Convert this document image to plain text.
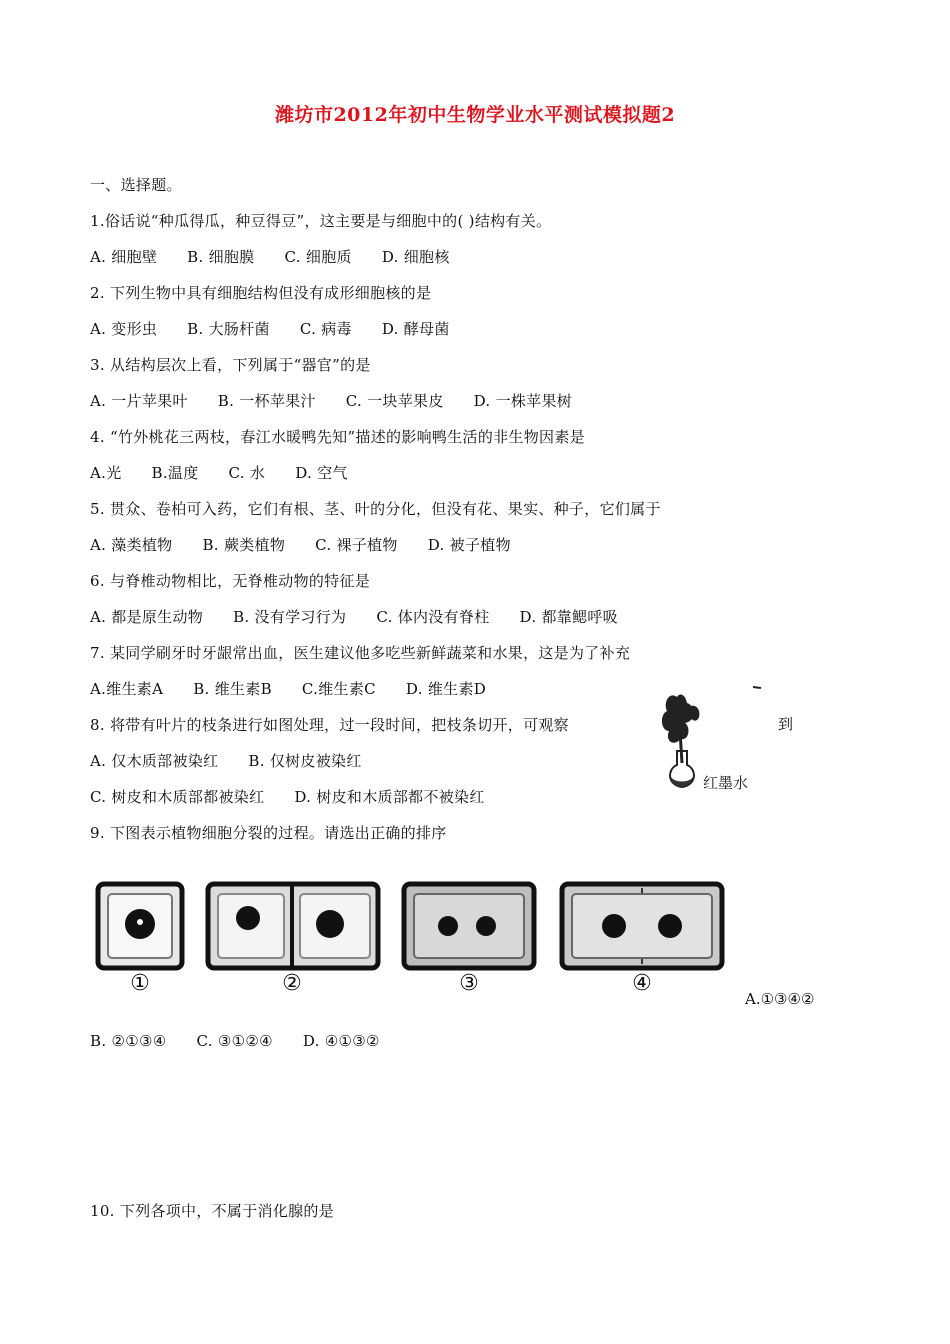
潍坊市2012年初中生物学业水平测试模拟题2
一、选择题。
1.俗话说“种瓜得瓜，种豆得豆”，这主要是与细胞中的( )结构有关。
A. 细胞壁 B. 细胞膜 C. 细胞质 D. 细胞核
2. 下列生物中具有细胞结构但没有成形细胞核的是
A. 变形虫 B. 大肠杆菌 C. 病毒 D. 酵母菌
3. 从结构层次上看，下列属于“器官”的是
A. 一片苹果叶 B. 一杯苹果汁 C. 一块苹果皮 D. 一株苹果树
4. “竹外桃花三两枝，春江水暖鸭先知”描述的影响鸭生活的非生物因素是
A.光 B.温度 C. 水 D. 空气
5. 贯众、卷柏可入药，它们有根、茎、叶的分化，但没有花、果实、种子，它们属于
A. 藻类植物 B. 蕨类植物 C. 裸子植物 D. 被子植物
6. 与脊椎动物相比，无脊椎动物的特征是
A. 都是原生动物 B. 没有学习行为 C. 体内没有脊柱 D. 都靠鳃呼吸
7. 某同学刷牙时牙龈常出血，医生建议他多吃些新鲜蔬菜和水果，这是为了补充
A.维生素A B. 维生素B C.维生素C D. 维生素D
8. 将带有叶片的枝条进行如图处理，过一段时间，把枝条切开，可观察	到
红墨水
A. 仅木质部被染红 B. 仅树皮被染红
C. 树皮和木质部都被染红 D. 树皮和木质部都不被染红
9. 下图表示植物细胞分裂的过程。请选出正确的排序
①	②	③	④
A.①③④②
B. ②①③④ C. ③①②④ D. ④①③②
10. 下列各项中，不属于消化腺的是
